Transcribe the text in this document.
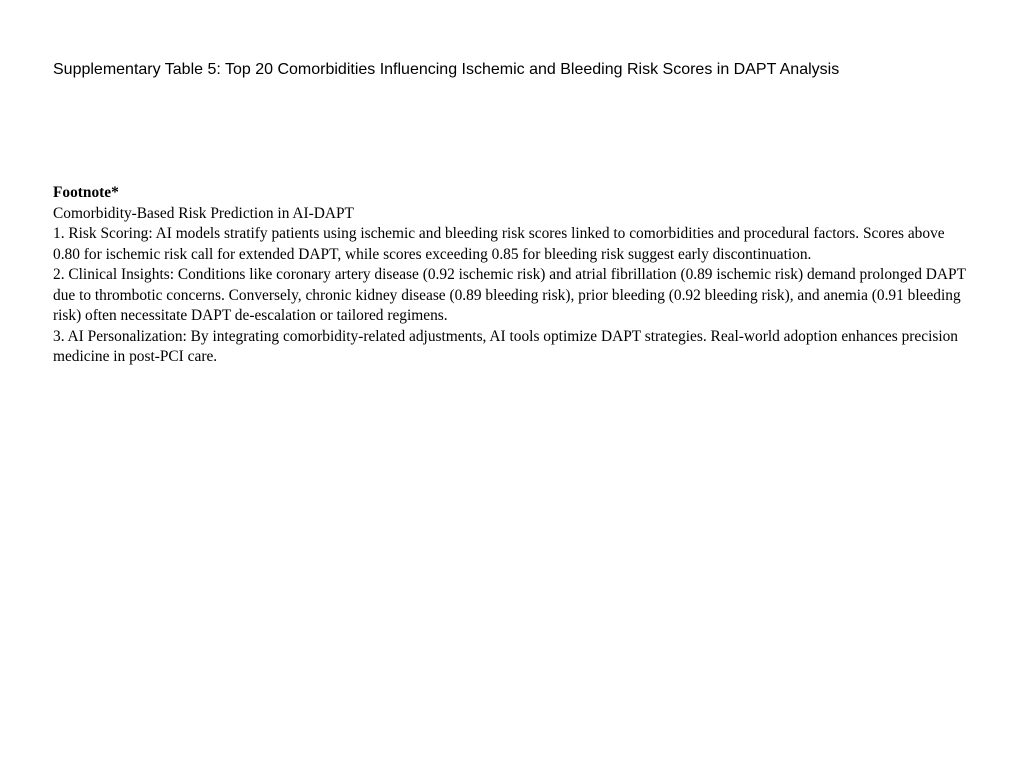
Supplementary Table 5: Top 20 Comorbidities Influencing Ischemic and Bleeding Risk Scores in DAPT Analysis

Footnote*

Comorbidity-Based Risk Prediction in AI-DAPT

1. Risk Scoring: AI models stratify patients using ischemic and bleeding risk scores linked to comorbidities and procedural factors. Scores above 0.80 for ischemic risk call for extended DAPT, while scores exceeding 0.85 for bleeding risk suggest early discontinuation.

2. Clinical Insights: Conditions like coronary artery disease (0.92 ischemic risk) and atrial fibrillation (0.89 ischemic risk) demand prolonged DAPT due to thrombotic concerns. Conversely, chronic kidney disease (0.89 bleeding risk), prior bleeding (0.92 bleeding risk), and anemia (0.91 bleeding risk) often necessitate DAPT de-escalation or tailored regimens.

3. AI Personalization: By integrating comorbidity-related adjustments, AI tools optimize DAPT strategies. Real-world adoption enhances precision medicine in post-PCI care.
